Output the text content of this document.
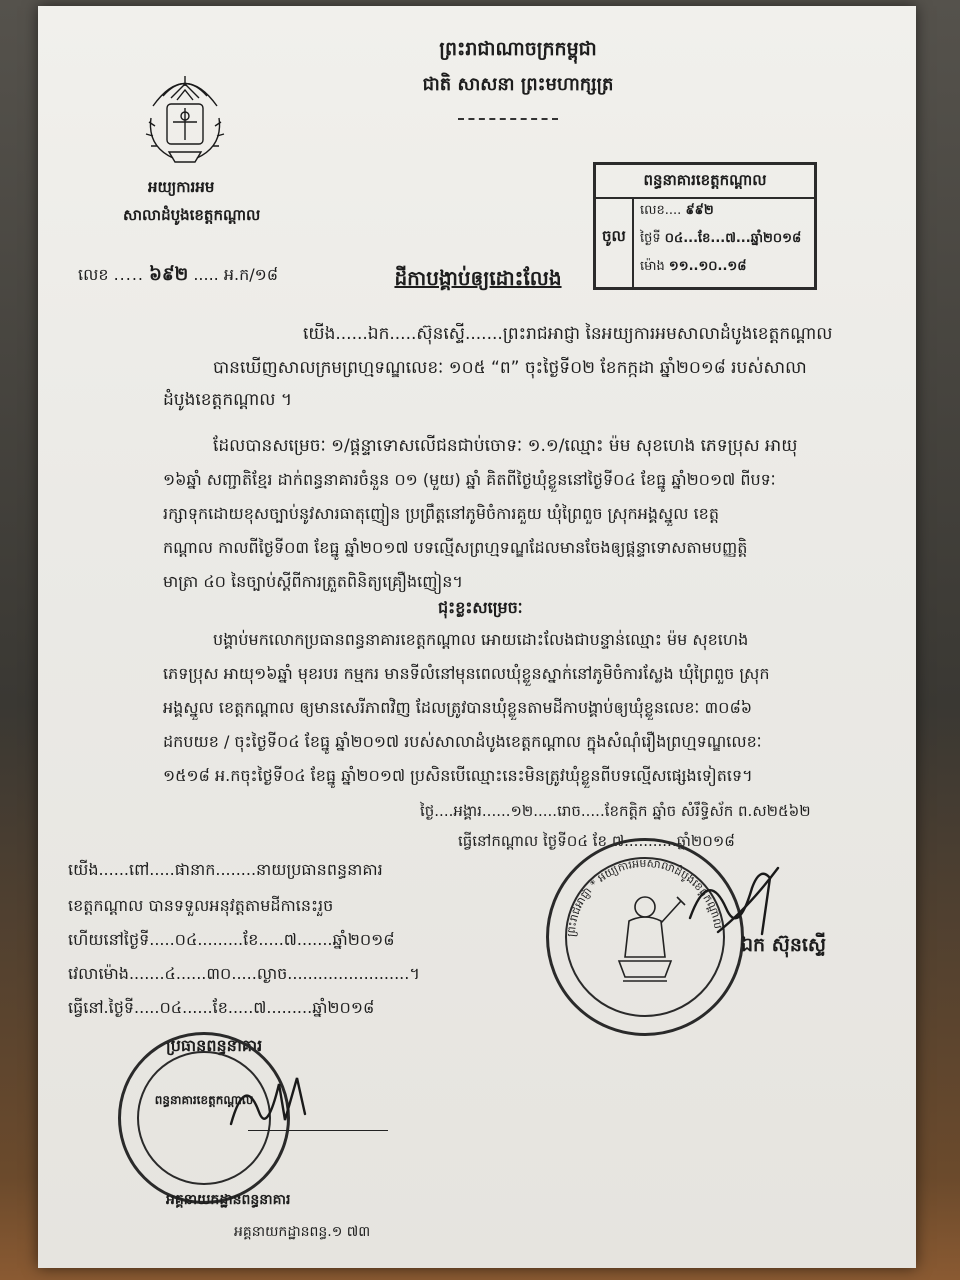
ព្រះរាជាណាចក្រកម្ពុជា
ជាតិ សាសនា ព្រះមហាក្សត្រ
អយ្យការអម
សាលាដំបូងខេត្តកណ្ដាល
លេខ ..... ៦៩២ ..... អ.ក/១៨
ពន្ធនាគារខេត្តកណ្ដាល
ចូល
លេខ.... ៩៩២
ថ្ងៃទី ០៤...ខែ...៧...ឆ្នាំ២០១៨
ម៉ោង ១១..១០..១៨
ដីកាបង្គាប់ឲ្យដោះលែង
យើង......ឯក.....ស៊ុនស្ទើ.......ព្រះរាជអាជ្ញា នៃអយ្យការអមសាលាដំបូងខេត្តកណ្ដាល
បានឃើញសាលក្រមព្រហ្មទណ្ឌលេខៈ ១០៥ “ព” ចុះថ្ងៃទី០២ ខែកក្កដា ឆ្នាំ២០១៨ របស់សាលា
ដំបូងខេត្តកណ្ដាល ។
ដែលបានសម្រេចៈ ១/ផ្ដន្ទាទោសលើជនជាប់ចោទៈ ១.១/ឈ្មោះ ម៉ម សុខហេង ភេទប្រុស អាយុ
១៦ឆ្នាំ សញ្ជាតិខ្មែរ ដាក់ពន្ធនាគារចំនួន ០១ (មួយ) ឆ្នាំ គិតពីថ្ងៃឃុំខ្លួននៅថ្ងៃទី០៤ ខែធ្នូ ឆ្នាំ២០១៧ ពីបទៈ
រក្សាទុកដោយខុសច្បាប់នូវសារធាតុញៀន ប្រព្រឹត្តនៅភូមិចំការគួយ ឃុំព្រៃពួច ស្រុកអង្គស្នួល ខេត្ត
កណ្ដាល កាលពីថ្ងៃទី០៣ ខែធ្នូ ឆ្នាំ២០១៧ បទល្មើសព្រហ្មទណ្ឌដែលមានចែងឲ្យផ្ដន្ទាទោសតាមបញ្ញត្តិ
មាត្រា ៤០ នៃច្បាប់ស្ដីពីការត្រួតពិនិត្យគ្រឿងញៀន។
ជុះខ្លះសម្រេចៈ
បង្គាប់មកលោកប្រធានពន្ធនាគារខេត្តកណ្ដាល អោយដោះលែងជាបន្ទាន់ឈ្មោះ ម៉ម សុខហេង
ភេទប្រុស អាយុ១៦ឆ្នាំ មុខរបរ កម្មករ មានទីលំនៅមុនពេលឃុំខ្លួនស្នាក់នៅភូមិចំការស្លែង ឃុំព្រៃពួច ស្រុក
អង្គស្នួល ខេត្តកណ្ដាល ឲ្យមានសេរីភាពវិញ ដែលត្រូវបានឃុំខ្លួនតាមដីកាបង្គាប់ឲ្យឃុំខ្លួនលេខៈ ៣០៨៦
ដកបយខ / ចុះថ្ងៃទី០៤ ខែធ្នូ ឆ្នាំ២០១៧ របស់សាលាដំបូងខេត្តកណ្ដាល ក្នុងសំណុំរឿងព្រហ្មទណ្ឌលេខៈ
១៥១៨ អ.កចុះថ្ងៃទី០៤ ខែធ្នូ ឆ្នាំ២០១៧ ប្រសិនបើឈ្មោះនេះមិនត្រូវឃុំខ្លួនពីបទល្មើសផ្សេងទៀតទេ។
ថ្ងៃ....អង្គារ......១២.....រោច.....ខែកត្តិក ឆ្នាំច សំរឹទ្ធិស័ក ព.ស២៥៦២
ធ្វើនៅកណ្ដាល ថ្ងៃទី០៤ ខែ ៧...........ឆ្នាំ២០១៨
ព្រះរាជអាជ្ញា * អយ្យការអមសាលាដំបូងខេត្តកណ្ដាល
ឯក ស៊ុនស្ទើ
យើង......ពៅ.....ផានាក........នាយប្រធានពន្ធនាគារ
ខេត្តកណ្ដាល បានទទួលអនុវត្តតាមដីកានេះរួច
ហើយនៅថ្ងៃទី.....០៤.........ខែ.....៧.......ឆ្នាំ២០១៨
វេលាម៉ោង.......៤......៣០.....ល្ងាច........................។
ធ្វើនៅ.ថ្ងៃទី.....០៤......ខែ.....៧.........ឆ្នាំ២០១៨
ប្រធានពន្ធនាគារ
ពន្ធនាគារខេត្តកណ្ដាល
អគ្គនាយកដ្ឋានពន្ធនាគារ
អគ្គនាយកដ្ឋានពន្ធ.១ ៧៣
